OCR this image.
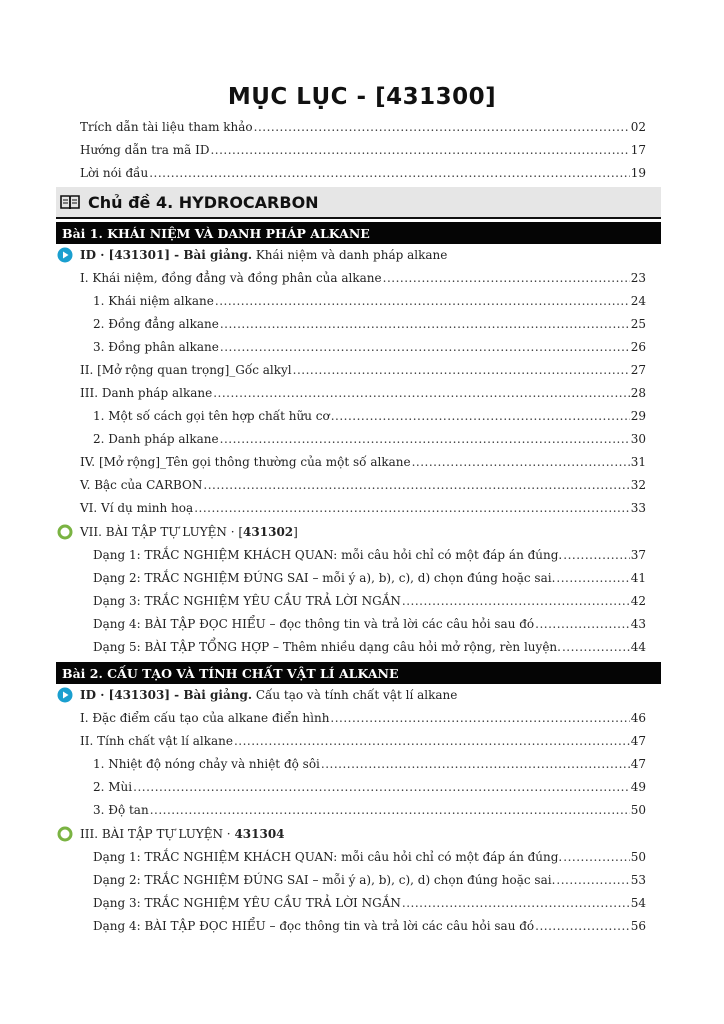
MỤC LỤC - [431300]
Trích dẫn tài liệu tham khảo .....	02
Hướng dẫn tra mã ID .....	17
Lời nói đầu .....	19
Chủ đề 4. HYDROCARBON
Bài 1. KHÁI NIỆM VÀ DANH PHÁP ALKANE
ID · [431301] - Bài giảng. Khái niệm và danh pháp alkane
I. Khái niệm, đồng đẳng và đồng phân của alkane .....	23
1. Khái niệm alkane .....	24
2. Đồng đẳng alkane .....	25
3. Đồng phân alkane .....	26
II. [Mở rộng quan trọng]_Gốc alkyl .....	27
III. Danh pháp alkane .....	28
1. Một số cách gọi tên hợp chất hữu cơ .....	29
2. Danh pháp alkane .....	30
IV. [Mở rộng]_Tên gọi thông thường của một số alkane .....	31
V. Bậc của CARBON .....	32
VI. Ví dụ minh hoạ .....	33
VII. BÀI TẬP TỰ LUYỆN · [ 431302 ]
Dạng 1: TRẮC NGHIỆM KHÁCH QUAN: mỗi câu hỏi chỉ có một đáp án đúng. .....	37
Dạng 2: TRẮC NGHIỆM ĐÚNG SAI – mỗi ý a), b), c), d) chọn đúng hoặc sai. .....	41
Dạng 3: TRẮC NGHIỆM YÊU CẦU TRẢ LỜI NGẮN .....	42
Dạng 4: BÀI TẬP ĐỌC HIỂU – đọc thông tin và trả lời các câu hỏi sau đó .....	43
Dạng 5: BÀI TẬP TỔNG HỢP – Thêm nhiều dạng câu hỏi mở rộng, rèn luyện. .....	44
Bài 2. CẤU TẠO VÀ TÍNH CHẤT VẬT LÍ ALKANE
ID · [431303] - Bài giảng. Cấu tạo và tính chất vật lí alkane
I. Đặc điểm cấu tạo của alkane điển hình .....	46
II. Tính chất vật lí alkane .....	47
1. Nhiệt độ nóng chảy và nhiệt độ sôi .....	47
2. Mùi .....	49
3. Độ tan .....	50
III. BÀI TẬP TỰ LUYỆN · 431304
Dạng 1: TRẮC NGHIỆM KHÁCH QUAN: mỗi câu hỏi chỉ có một đáp án đúng. .....	50
Dạng 2: TRẮC NGHIỆM ĐÚNG SAI – mỗi ý a), b), c), d) chọn đúng hoặc sai. .....	53
Dạng 3: TRẮC NGHIỆM YÊU CẦU TRẢ LỜI NGẮN .....	54
Dạng 4: BÀI TẬP ĐỌC HIỂU – đọc thông tin và trả lời các câu hỏi sau đó .....	56
